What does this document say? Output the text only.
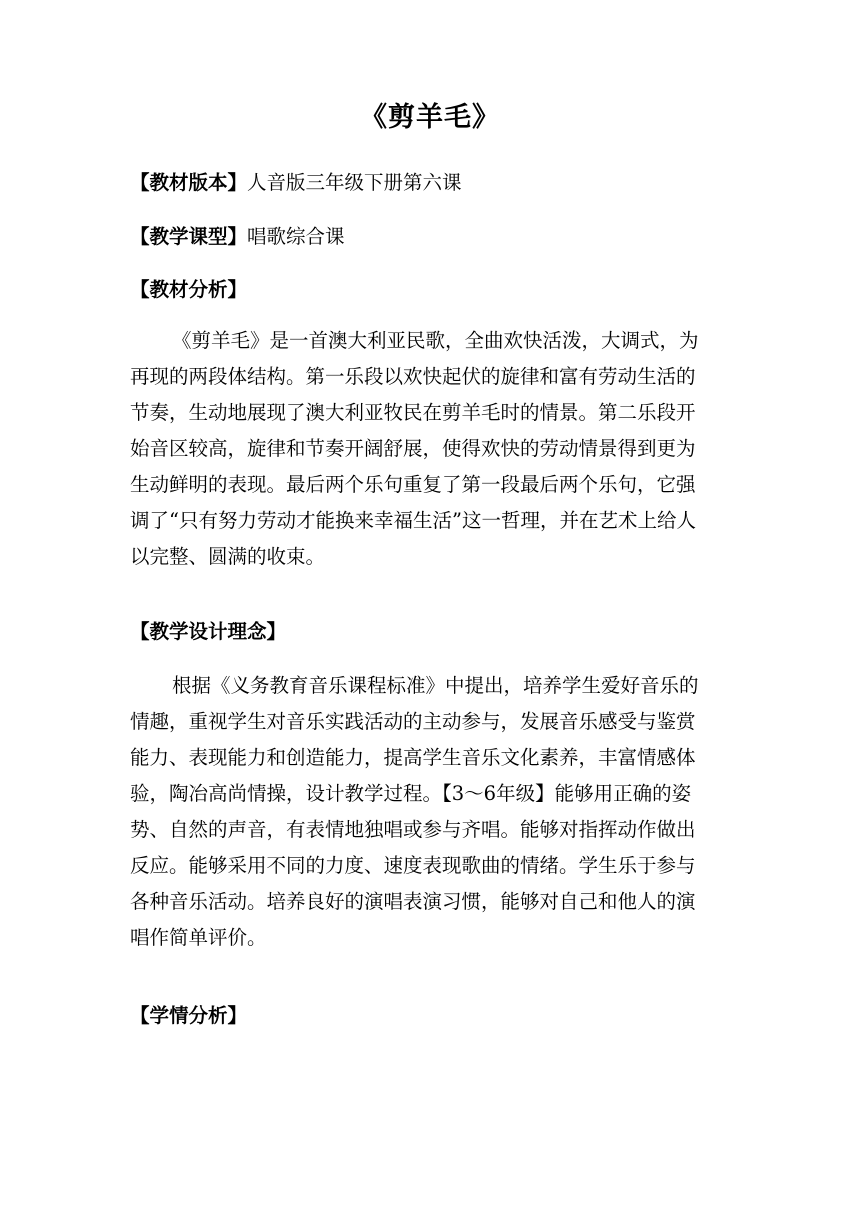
《剪羊毛》
【教材版本】人音版三年级下册第六课
【教学课型】唱歌综合课
【教材分析】
《剪羊毛》是一首澳大利亚民歌，全曲欢快活泼，大调式，为
再现的两段体结构。第一乐段以欢快起伏的旋律和富有劳动生活的
节奏，生动地展现了澳大利亚牧民在剪羊毛时的情景。第二乐段开
始音区较高，旋律和节奏开阔舒展，使得欢快的劳动情景得到更为
生动鲜明的表现。最后两个乐句重复了第一段最后两个乐句，它强
调了“只有努力劳动才能换来幸福生活”这一哲理，并在艺术上给人
以完整、圆满的收束。
【教学设计理念】
根据《义务教育音乐课程标准》中提出，培养学生爱好音乐的
情趣，重视学生对音乐实践活动的主动参与，发展音乐感受与鉴赏
能力、表现能力和创造能力，提高学生音乐文化素养，丰富情感体
验，陶冶高尚情操，设计教学过程。【3～6年级】能够用正确的姿
势、自然的声音，有表情地独唱或参与齐唱。能够对指挥动作做出
反应。能够采用不同的力度、速度表现歌曲的情绪。学生乐于参与
各种音乐活动。培养良好的演唱表演习惯，能够对自己和他人的演
唱作简单评价。
【学情分析】
